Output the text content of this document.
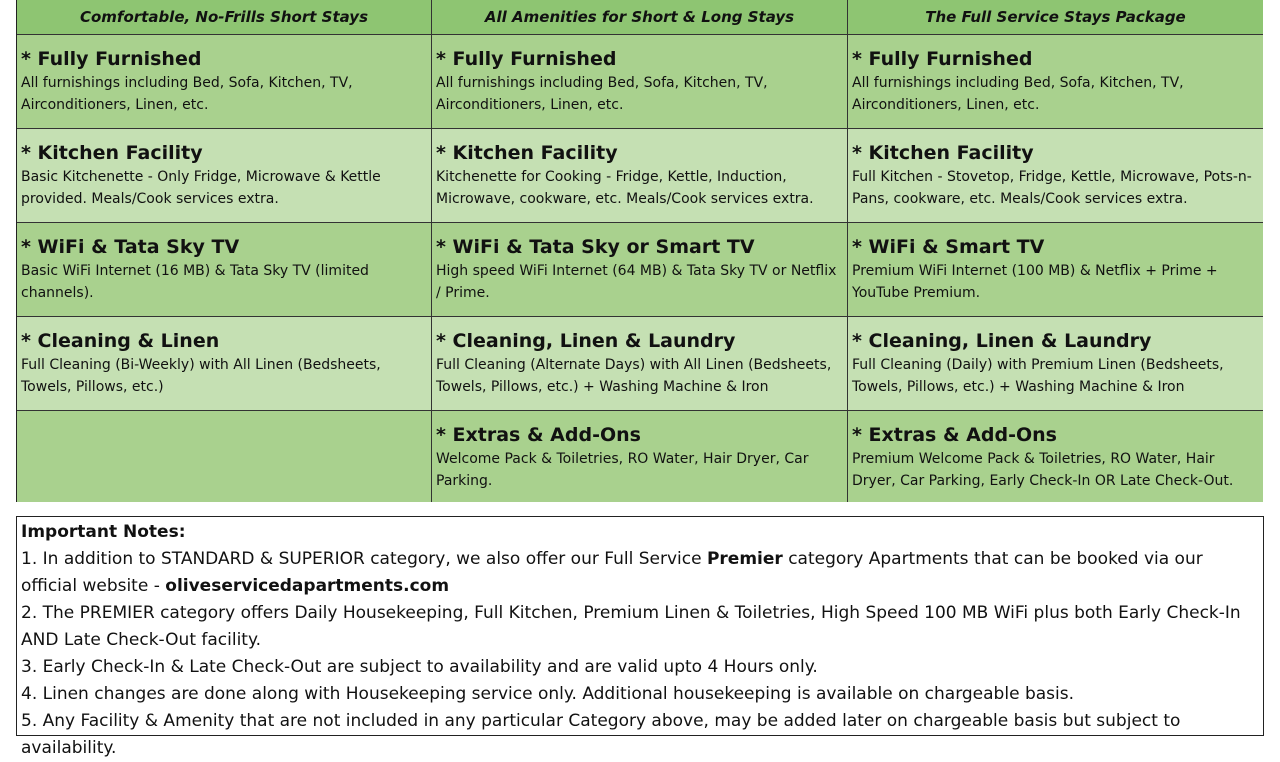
Comfortable, No-Frills Short Stays	All Amenities for Short & Long Stays	The Full Service Stays Package
* Fully Furnished
All furnishings including Bed, Sofa, Kitchen, TV, Airconditioners, Linen, etc.
* Fully Furnished
All furnishings including Bed, Sofa, Kitchen, TV, Airconditioners, Linen, etc.
* Fully Furnished
All furnishings including Bed, Sofa, Kitchen, TV, Airconditioners, Linen, etc.
* Kitchen Facility
Basic Kitchenette - Only Fridge, Microwave & Kettle provided. Meals/Cook services extra.
* Kitchen Facility
Kitchenette for Cooking - Fridge, Kettle, Induction, Microwave, cookware, etc. Meals/Cook services extra.
* Kitchen Facility
Full Kitchen - Stovetop, Fridge, Kettle, Microwave, Pots-n-Pans, cookware, etc. Meals/Cook services extra.
* WiFi & Tata Sky TV
Basic WiFi Internet (16 MB) & Tata Sky TV (limited channels).
* WiFi & Tata Sky or Smart TV
High speed WiFi Internet (64 MB) & Tata Sky TV or Netflix / Prime.
* WiFi & Smart TV
Premium WiFi Internet (100 MB) & Netflix + Prime + YouTube Premium.
* Cleaning & Linen
Full Cleaning (Bi-Weekly) with All Linen (Bedsheets, Towels, Pillows, etc.)
* Cleaning, Linen & Laundry
Full Cleaning (Alternate Days) with All Linen (Bedsheets, Towels, Pillows, etc.) + Washing Machine & Iron
* Cleaning, Linen & Laundry
Full Cleaning (Daily) with Premium Linen (Bedsheets, Towels, Pillows, etc.) + Washing Machine & Iron
* Extras & Add-Ons
Welcome Pack & Toiletries, RO Water, Hair Dryer, Car Parking.
* Extras & Add-Ons
Premium Welcome Pack & Toiletries, RO Water, Hair Dryer, Car Parking, Early Check-In OR Late Check-Out.
Important Notes:
1. In addition to STANDARD & SUPERIOR category, we also offer our Full Service Premier category Apartments that can be booked via our official website - oliveservicedapartments.com
2. The PREMIER category offers Daily Housekeeping, Full Kitchen, Premium Linen & Toiletries, High Speed 100 MB WiFi plus both Early Check-In AND Late Check-Out facility.
3. Early Check-In & Late Check-Out are subject to availability and are valid upto 4 Hours only.
4. Linen changes are done along with Housekeeping service only. Additional housekeeping is available on chargeable basis.
5. Any Facility & Amenity that are not included in any particular Category above, may be added later on chargeable basis but subject to availability.
